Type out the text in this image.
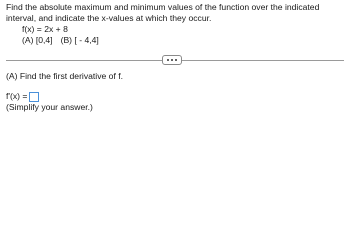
Find the absolute maximum and minimum values of the function over the indicated interval, and indicate the x-values at which they occur.
f(x) = 2x + 8
(A) [0,4] (B) [ - 4,4]
(A) Find the first derivative of f.
f'(x) =
(Simplify your answer.)
